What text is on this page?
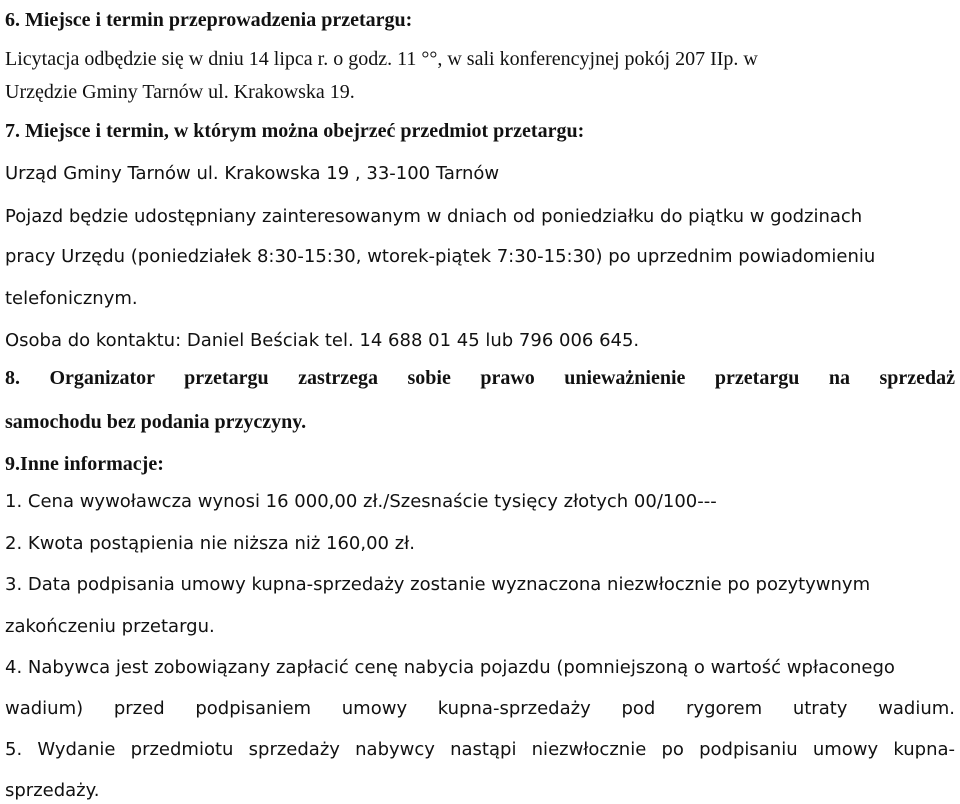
6. Miejsce i termin przeprowadzenia przetargu:
Licytacja odbędzie się w dniu 14 lipca r. o godz. 11 °°, w sali konferencyjnej pokój 207 IIp. w
Urzędzie Gminy Tarnów ul. Krakowska 19.
7. Miejsce i termin, w którym można obejrzeć przedmiot przetargu:
Urząd Gminy Tarnów ul. Krakowska 19 , 33-100 Tarnów
Pojazd będzie udostępniany zainteresowanym w dniach od poniedziałku do piątku w godzinach
pracy Urzędu (poniedziałek 8:30-15:30, wtorek-piątek 7:30-15:30) po uprzednim powiadomieniu
telefonicznym.
Osoba do kontaktu: Daniel Beściak tel. 14 688 01 45 lub 796 006 645.
8. Organizator przetargu zastrzega sobie prawo unieważnienie przetargu na sprzedaż
samochodu bez podania przyczyny.
9.Inne informacje:
1. Cena wywoławcza wynosi 16 000,00 zł./Szesnaście tysięcy złotych 00/100---
2. Kwota postąpienia nie niższa niż 160,00 zł.
3. Data podpisania umowy kupna-sprzedaży zostanie wyznaczona niezwłocznie po pozytywnym
zakończeniu przetargu.
4. Nabywca jest zobowiązany zapłacić cenę nabycia pojazdu (pomniejszoną o wartość wpłaconego
wadium) przed podpisaniem umowy kupna-sprzedaży pod rygorem utraty wadium.
5. Wydanie przedmiotu sprzedaży nabywcy nastąpi niezwłocznie po podpisaniu umowy kupna-
sprzedaży.
